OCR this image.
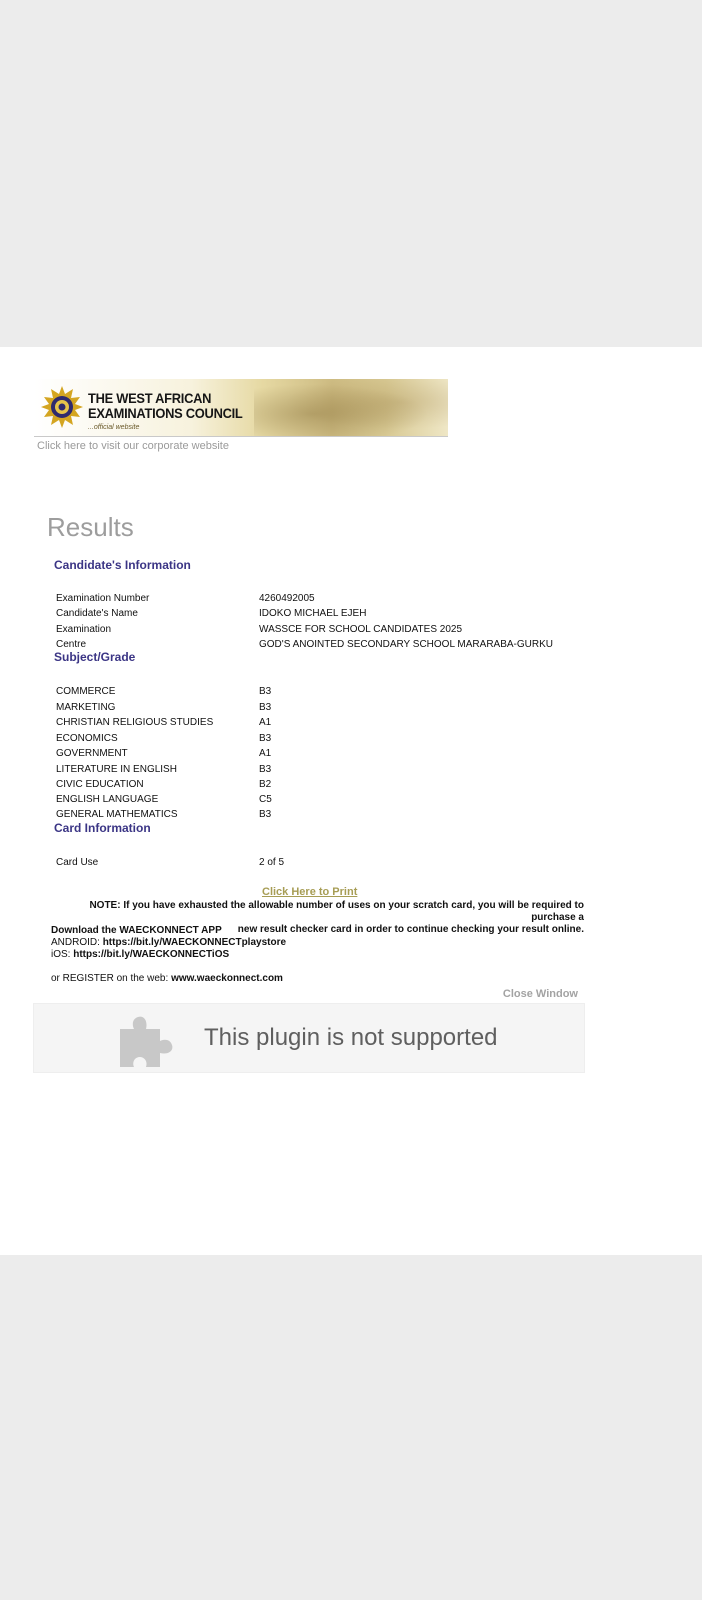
THE WEST AFRICAN
EXAMINATIONS COUNCIL
...official website
Click here to visit our corporate website
Results
Candidate's Information
Examination Number	4260492005
Candidate's Name	IDOKO MICHAEL EJEH
Examination	WASSCE FOR SCHOOL CANDIDATES 2025
Centre	GOD'S ANOINTED SECONDARY SCHOOL MARARABA-GURKU
Subject/Grade
COMMERCE	B3
MARKETING	B3
CHRISTIAN RELIGIOUS STUDIES	A1
ECONOMICS	B3
GOVERNMENT	A1
LITERATURE IN ENGLISH	B3
CIVIC EDUCATION	B2
ENGLISH LANGUAGE	C5
GENERAL MATHEMATICS	B3
Card Information
Card Use	2 of 5
Click Here to Print
NOTE: If you have exhausted the allowable number of uses on your scratch card, you will be required to purchase a
new result checker card in order to continue checking your result online.
Download the WAECKONNECT APP
ANDROID: https://bit.ly/WAECKONNECTplaystore
iOS: https://bit.ly/WAECKONNECTiOS
or REGISTER on the web: www.waeckonnect.com
Close Window
This plugin is not supported
